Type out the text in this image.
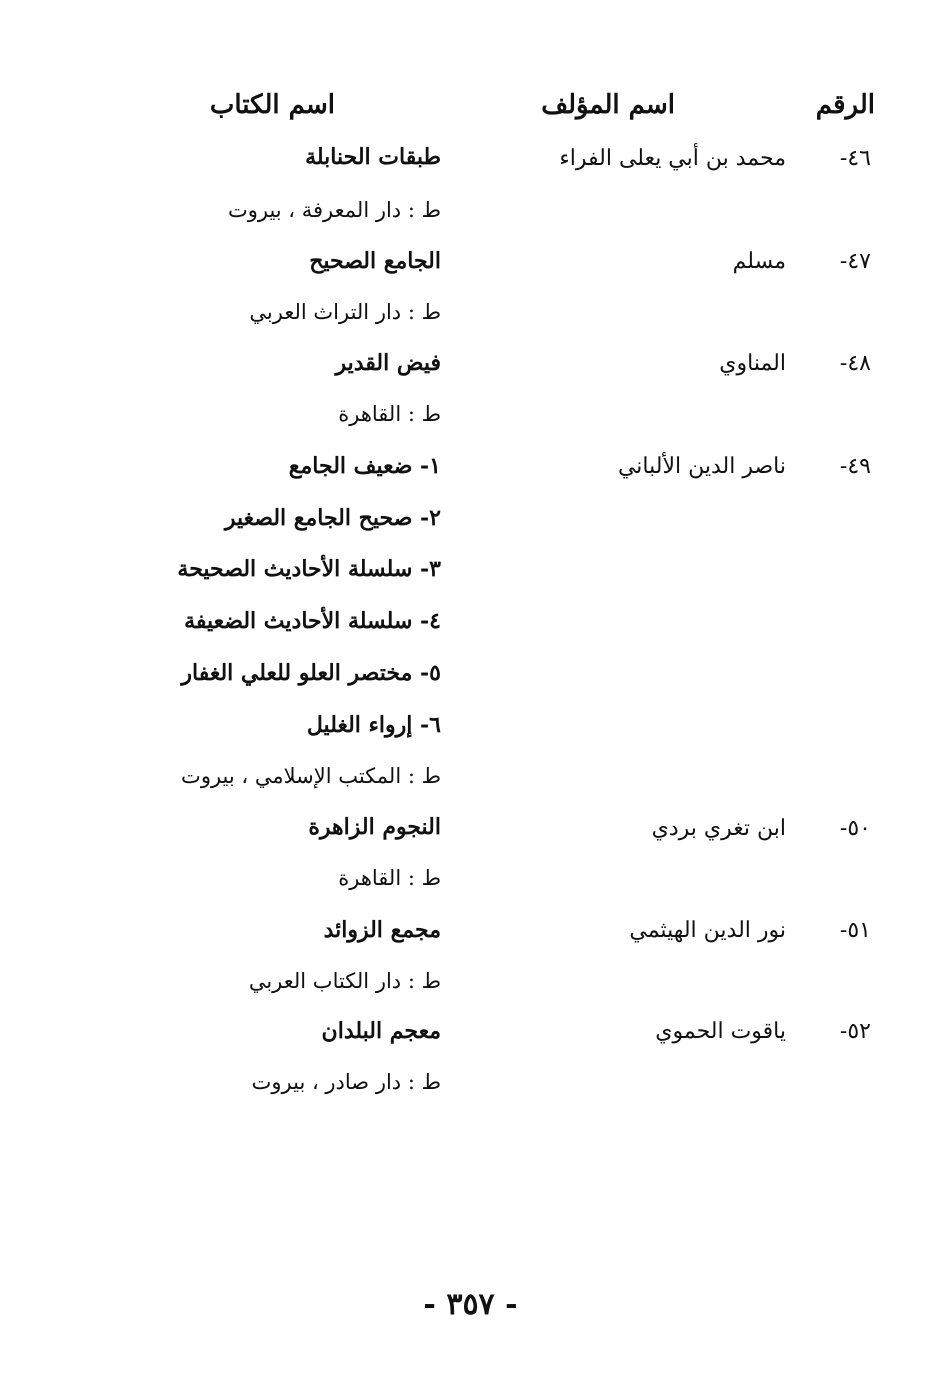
الرقم
اسم المؤلف
اسم الكتاب
٤٦-
محمد بن أبي يعلى الفراء
طبقات الحنابلة
ط : دار المعرفة ، بيروت
٤٧-
مسلم
الجامع الصحيح
ط : دار التراث العربي
٤٨-
المناوي
فيض القدير
ط : القاهرة
٤٩-
ناصر الدين الألباني
١- ضعيف الجامع
٢- صحيح الجامع الصغير
٣- سلسلة الأحاديث الصحيحة
٤- سلسلة الأحاديث الضعيفة
٥- مختصر العلو للعلي الغفار
٦- إرواء الغليل
ط : المكتب الإسلامي ، بيروت
٥٠-
ابن تغري بردي
النجوم الزاهرة
ط : القاهرة
٥١-
نور الدين الهيثمي
مجمع الزوائد
ط : دار الكتاب العربي
٥٢-
ياقوت الحموي
معجم البلدان
ط : دار صادر ، بيروت
- ٣٥٧ -
